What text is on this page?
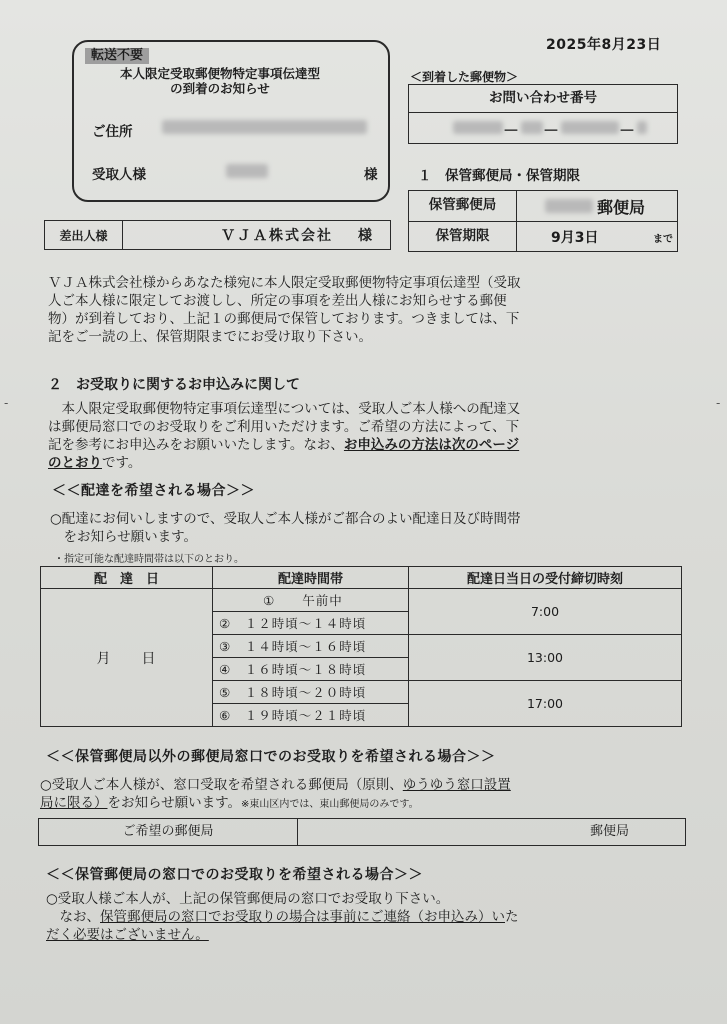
2025年8月23日
転送不要
本人限定受取郵便物特定事項伝達型
の到着のお知らせ
ご住所
受取人様	様
差出人様	ＶＪＡ株式会社	様
＜到着した郵便物＞
お問い合わせ番号
－ －	－
１　保管郵便局・保管期限
保管郵便局	郵便局
保管期限	9月3日	まで
ＶＪＡ株式会社様からあなた様宛に本人限定受取郵便物特定事項伝達型（受取
人ご本人様に限定してお渡しし、所定の事項を差出人様にお知らせする郵便
物）が到着しており、上記１の郵便局で保管しております。つきましては、下
記をご一読の上、保管期限までにお受け取り下さい。
２　お受取りに関するお申込みに関して
　本人限定受取郵便物特定事項伝達型については、受取人ご本人様への配達又
は郵便局窓口でのお受取りをご利用いただけます。ご希望の方法によって、下
記を参考にお申込みをお願いいたします。なお、お申込みの方法は次のページ
のとおりです。
＜＜配達を希望される場合＞＞
○配達にお伺いしますので、受取人ご本人様がご都合のよい配達日及び時間帯
　をお知らせ願います。
・指定可能な配達時間帯は以下のとおり。
配　達　日	配達時間帯	配達日当日の受付締切時刻
月　　日	①　　午前中	7:00
	②　１２時頃～１４時頃	
	③　１４時頃～１６時頃	13:00
	④　１６時頃～１８時頃	
	⑤　１８時頃～２０時頃	17:00
	⑥　１９時頃～２１時頃	
＜＜保管郵便局以外の郵便局窓口でのお受取りを希望される場合＞＞
○受取人ご本人様が、窓口受取を希望される郵便局（原則、ゆうゆう窓口設置
局に限る）をお知らせ願います。※東山区内では、東山郵便局のみです。
ご希望の郵便局	郵便局
＜＜保管郵便局の窓口でのお受取りを希望される場合＞＞
○受取人様ご本人が、上記の保管郵便局の窓口でお受取り下さい。
　なお、保管郵便局の窓口でお受取りの場合は事前にご連絡（お申込み）いた
だく必要はございません。
-	-
